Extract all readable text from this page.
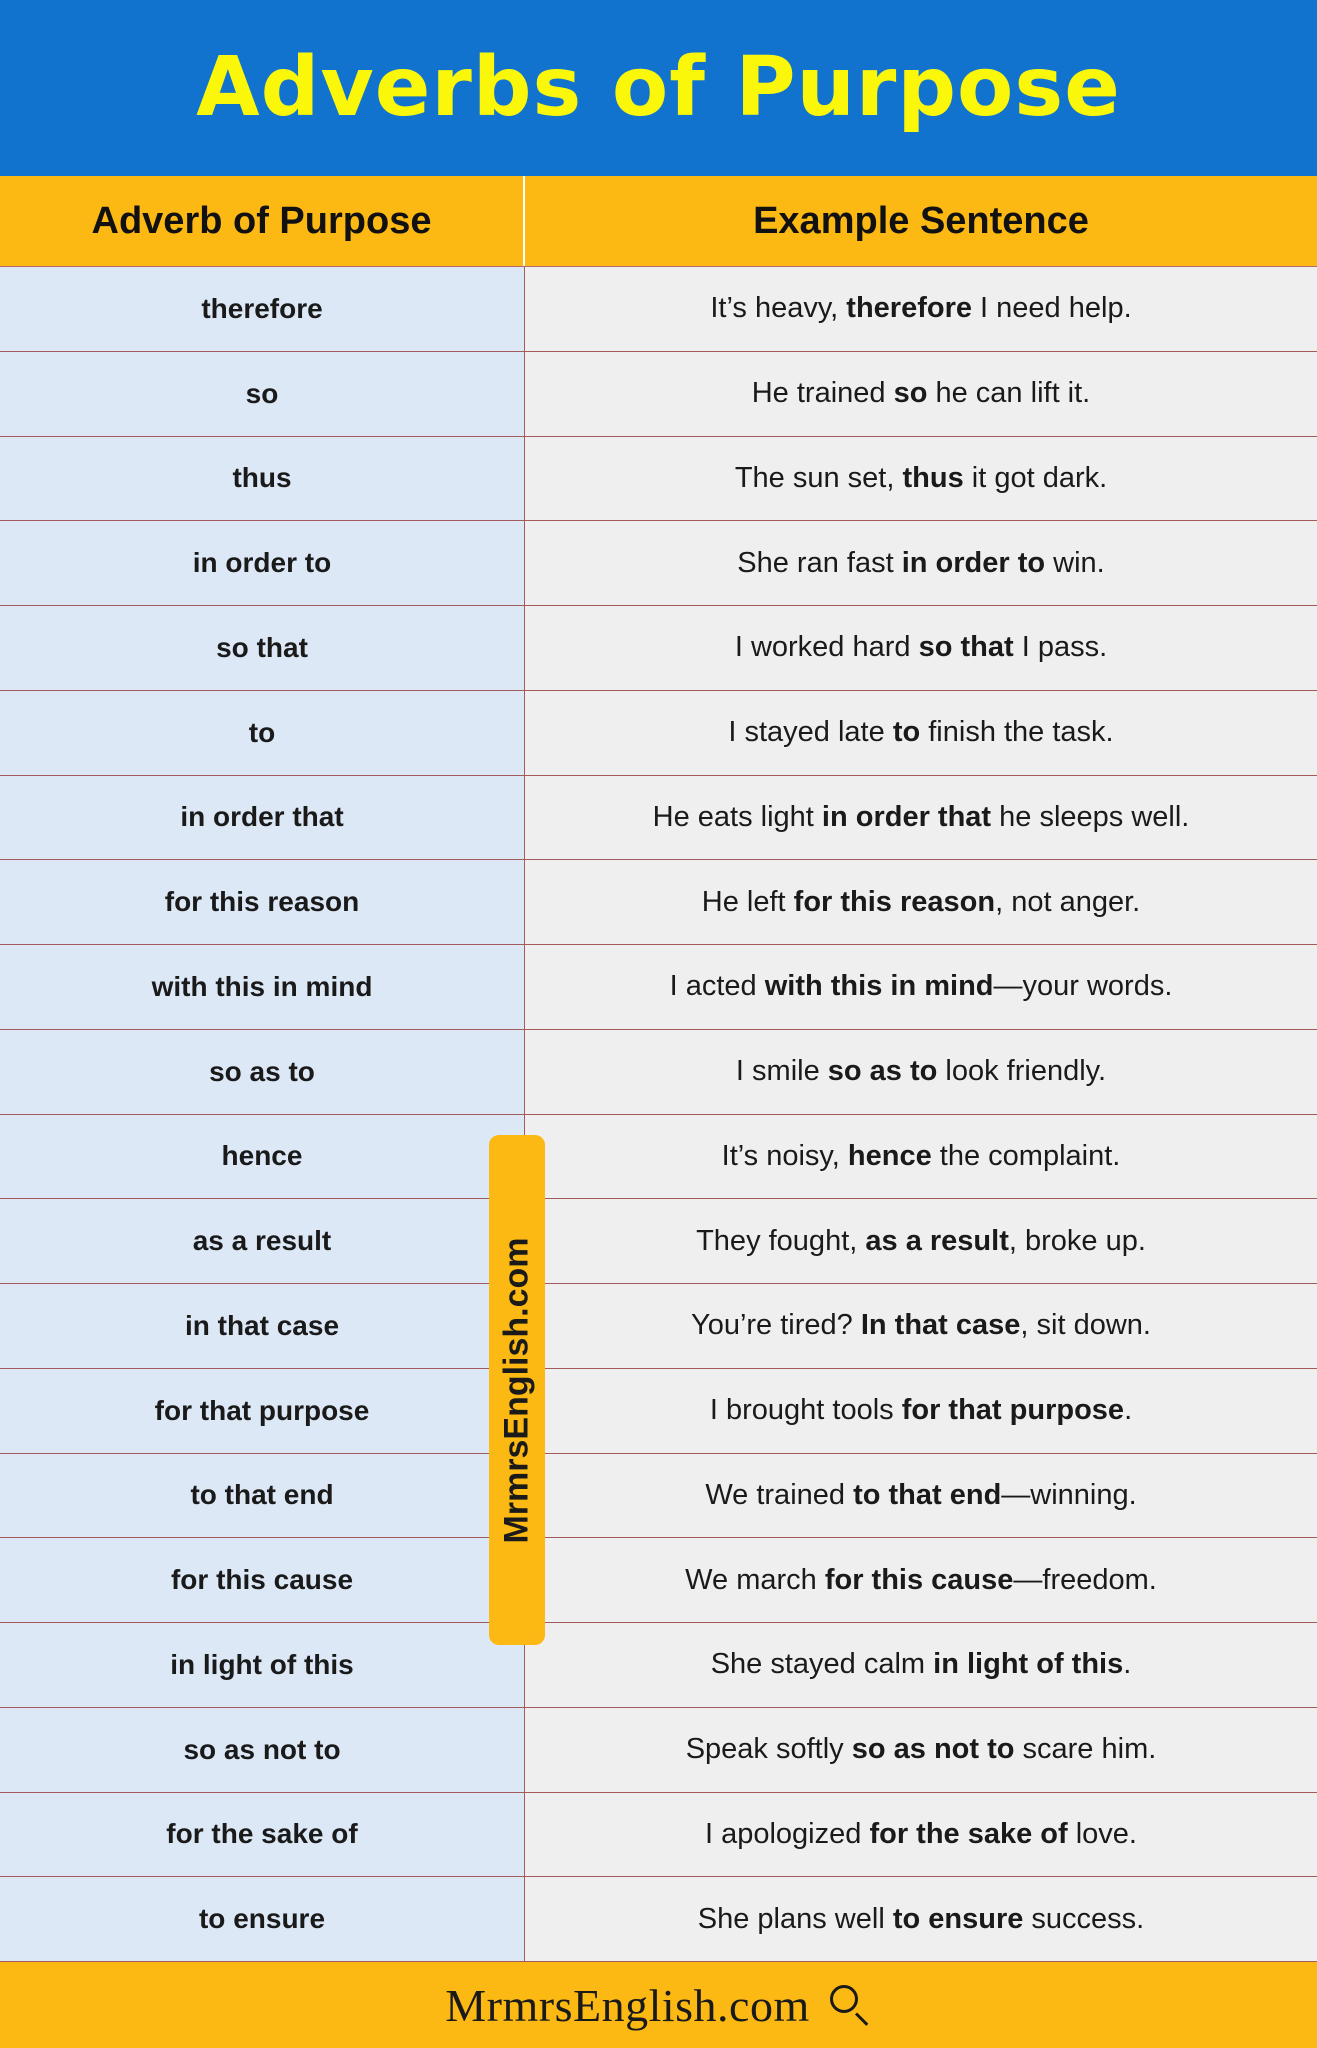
Adverbs of Purpose
Adverb of Purpose	Example Sentence
therefore	It’s heavy, therefore I need help.
so	He trained so he can lift it.
thus	The sun set, thus it got dark.
in order to	She ran fast in order to win.
so that	I worked hard so that I pass.
to	I stayed late to finish the task.
in order that	He eats light in order that he sleeps well.
for this reason	He left for this reason, not anger.
with this in mind	I acted with this in mind—your words.
so as to	I smile so as to look friendly.
hence	It’s noisy, hence the complaint.
as a result	They fought, as a result, broke up.
in that case	You’re tired? In that case, sit down.
for that purpose	I brought tools for that purpose.
to that end	We trained to that end—winning.
for this cause	We march for this cause—freedom.
in light of this	She stayed calm in light of this.
so as not to	Speak softly so as not to scare him.
for the sake of	I apologized for the sake of love.
to ensure	She plans well to ensure success.
MrmrsEnglish.com
MrmrsEnglish.com
